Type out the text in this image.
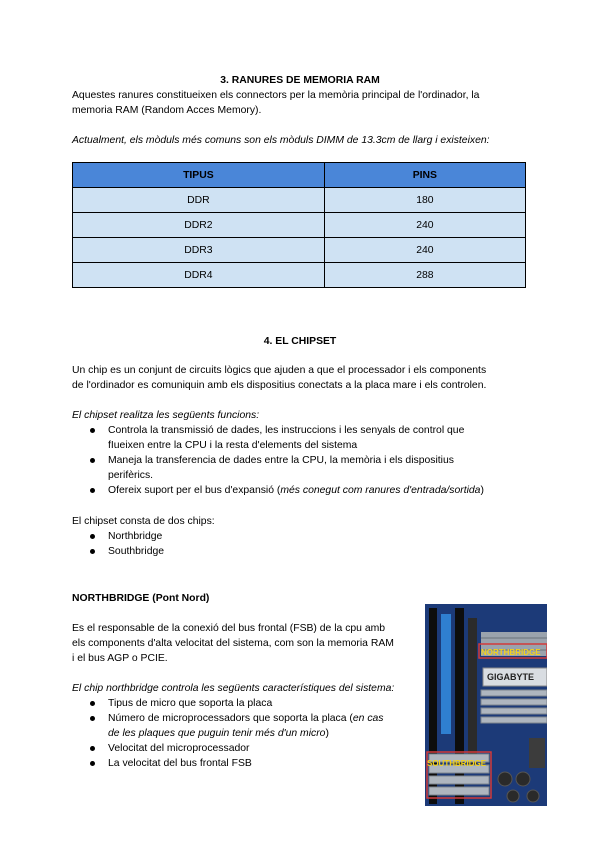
3. RANURES DE MEMORIA RAM
Aquestes ranures constitueixen els connectors per la memòria principal de l'ordinador, la
memoria RAM (Random Acces Memory).
Actualment, els mòduls més comuns son els mòduls DIMM de 13.3cm de llarg i existeixen:
TIPUS	PINS
DDR	180
DDR2	240
DDR3	240
DDR4	288
4. EL CHIPSET
Un chip es un conjunt de circuits lògics que ajuden a que el processador i els components
de l'ordinador es comuniquin amb els dispositius conectats a la placa mare i els controlen.
El chipset realitza les següents funcions:
Controla la transmissió de dades, les instruccions i les senyals de control que
fIueixen entre la CPU i la resta d'elements del sistema
Maneja la transferencia de dades entre la CPU, la memòria i els dispositius
perifèrics.
Ofereix suport per el bus d'expansió (més conegut com ranures d'entrada/sortida)
El chipset consta de dos chips:
Northbridge
Southbridge
NORTHBRIDGE (Pont Nord)
Es el responsable de la conexió del bus frontal (FSB) de la cpu amb
els components d'alta velocitat del sistema, com son la memoria RAM
i el bus AGP o PCIE.
El chip northbridge controla les següents característiques del sistema:
Tipus de micro que soporta la placa
Número de microprocessadors que soporta la placa (en cas
de les plaques que puguin tenir més d'un micro)
Velocitat del microprocessador
La velocitat del bus frontal FSB
NORTHBRIDGE
GIGABYTE
SOUTHBRIDGE
